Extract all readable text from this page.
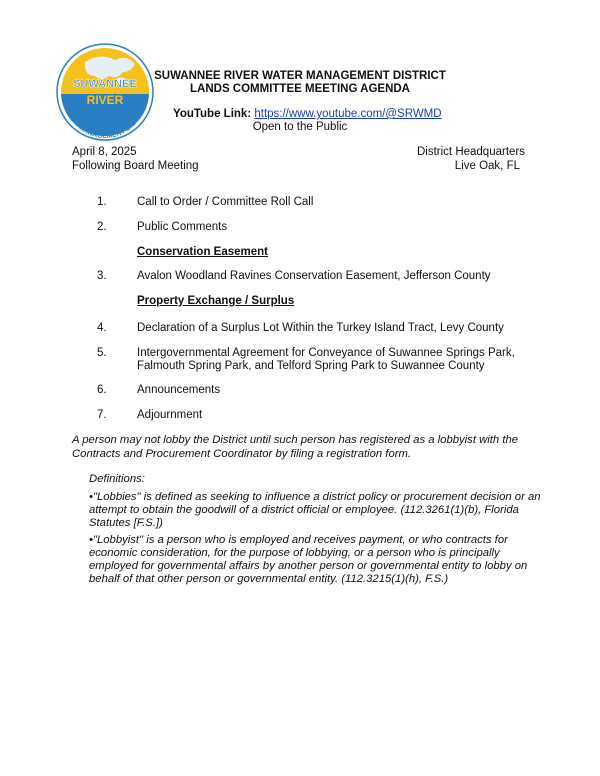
SUWANNEE
RIVER
WATER MANAGEMENT DISTRICT
SUWANNEE RIVER WATER MANAGEMENT DISTRICT
LANDS COMMITTEE MEETING AGENDA
YouTube Link: https://www.youtube.com/@SRWMD
Open to the Public
April 8, 2025
Following Board Meeting
District Headquarters
Live Oak, FL
1.	Call to Order / Committee Roll Call
2.	Public Comments
Conservation Easement
3.	Avalon Woodland Ravines Conservation Easement, Jefferson County
Property Exchange / Surplus
4.	Declaration of a Surplus Lot Within the Turkey Island Tract, Levy County
5.	Intergovernmental Agreement for Conveyance of Suwannee Springs Park,
Falmouth Spring Park, and Telford Spring Park to Suwannee County
6.	Announcements
7.	Adjournment
A person may not lobby the District until such person has registered as a lobbyist with the
Contracts and Procurement Coordinator by filing a registration form.
Definitions:
•"Lobbies" is defined as seeking to influence a district policy or procurement decision or an
attempt to obtain the goodwill of a district official or employee. (112.3261(1)(b), Florida
Statutes [F.S.])
•"Lobbyist" is a person who is employed and receives payment, or who contracts for
economic consideration, for the purpose of lobbying, or a person who is principally
employed for governmental affairs by another person or governmental entity to lobby on
behalf of that other person or governmental entity. (112.3215(1)(h), F.S.)
